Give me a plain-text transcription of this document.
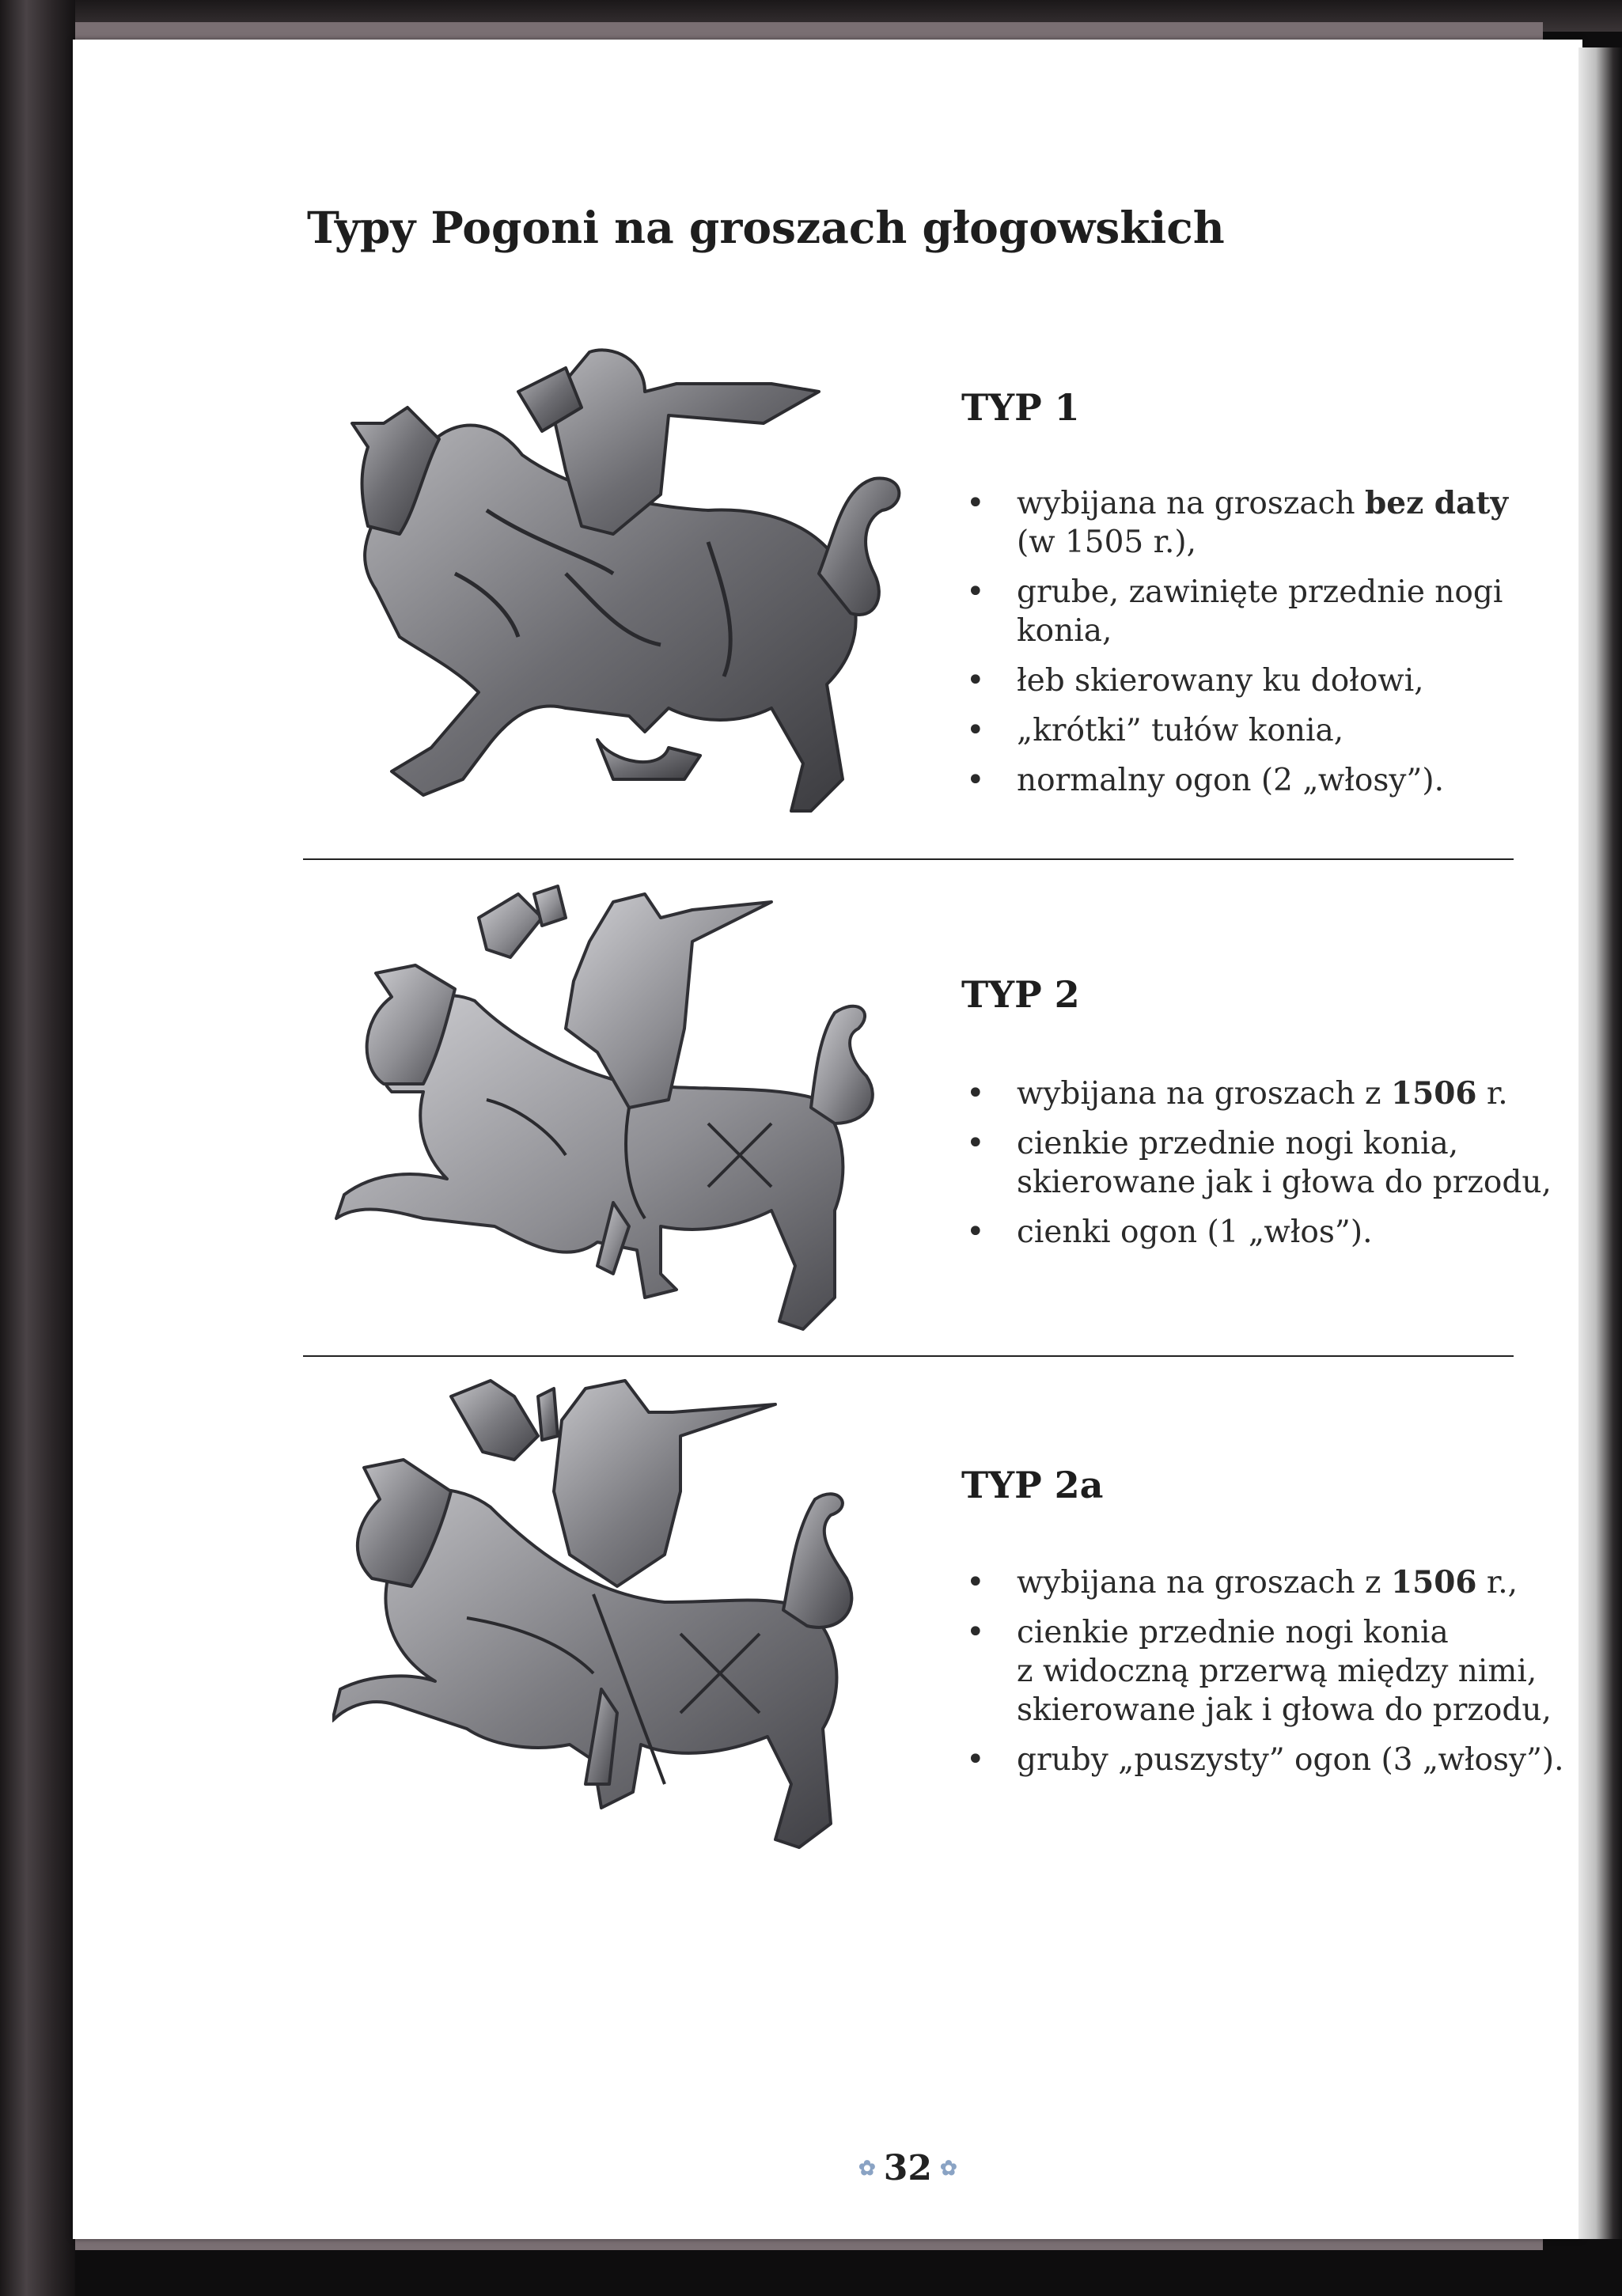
Typy Pogoni na groszach głogowskich
TYP 1
• wybijana na groszach bez daty
(w 1505 r.),
• grube, zawinięte przednie nogi
konia,
• łeb skierowany ku dołowi,
• „krótki” tułów konia,
• normalny ogon (2 „włosy”).
TYP 2
• wybijana na groszach z 1506 r.
• cienkie przednie nogi konia,
skierowane jak i głowa do przodu,
• cienki ogon (1 „włos”).
TYP 2a
• wybijana na groszach z 1506 r.,
• cienkie przednie nogi konia
z widoczną przerwą między nimi,
skierowane jak i głowa do przodu,
• gruby „puszysty” ogon (3 „włosy”).
✿ 32 ✿
